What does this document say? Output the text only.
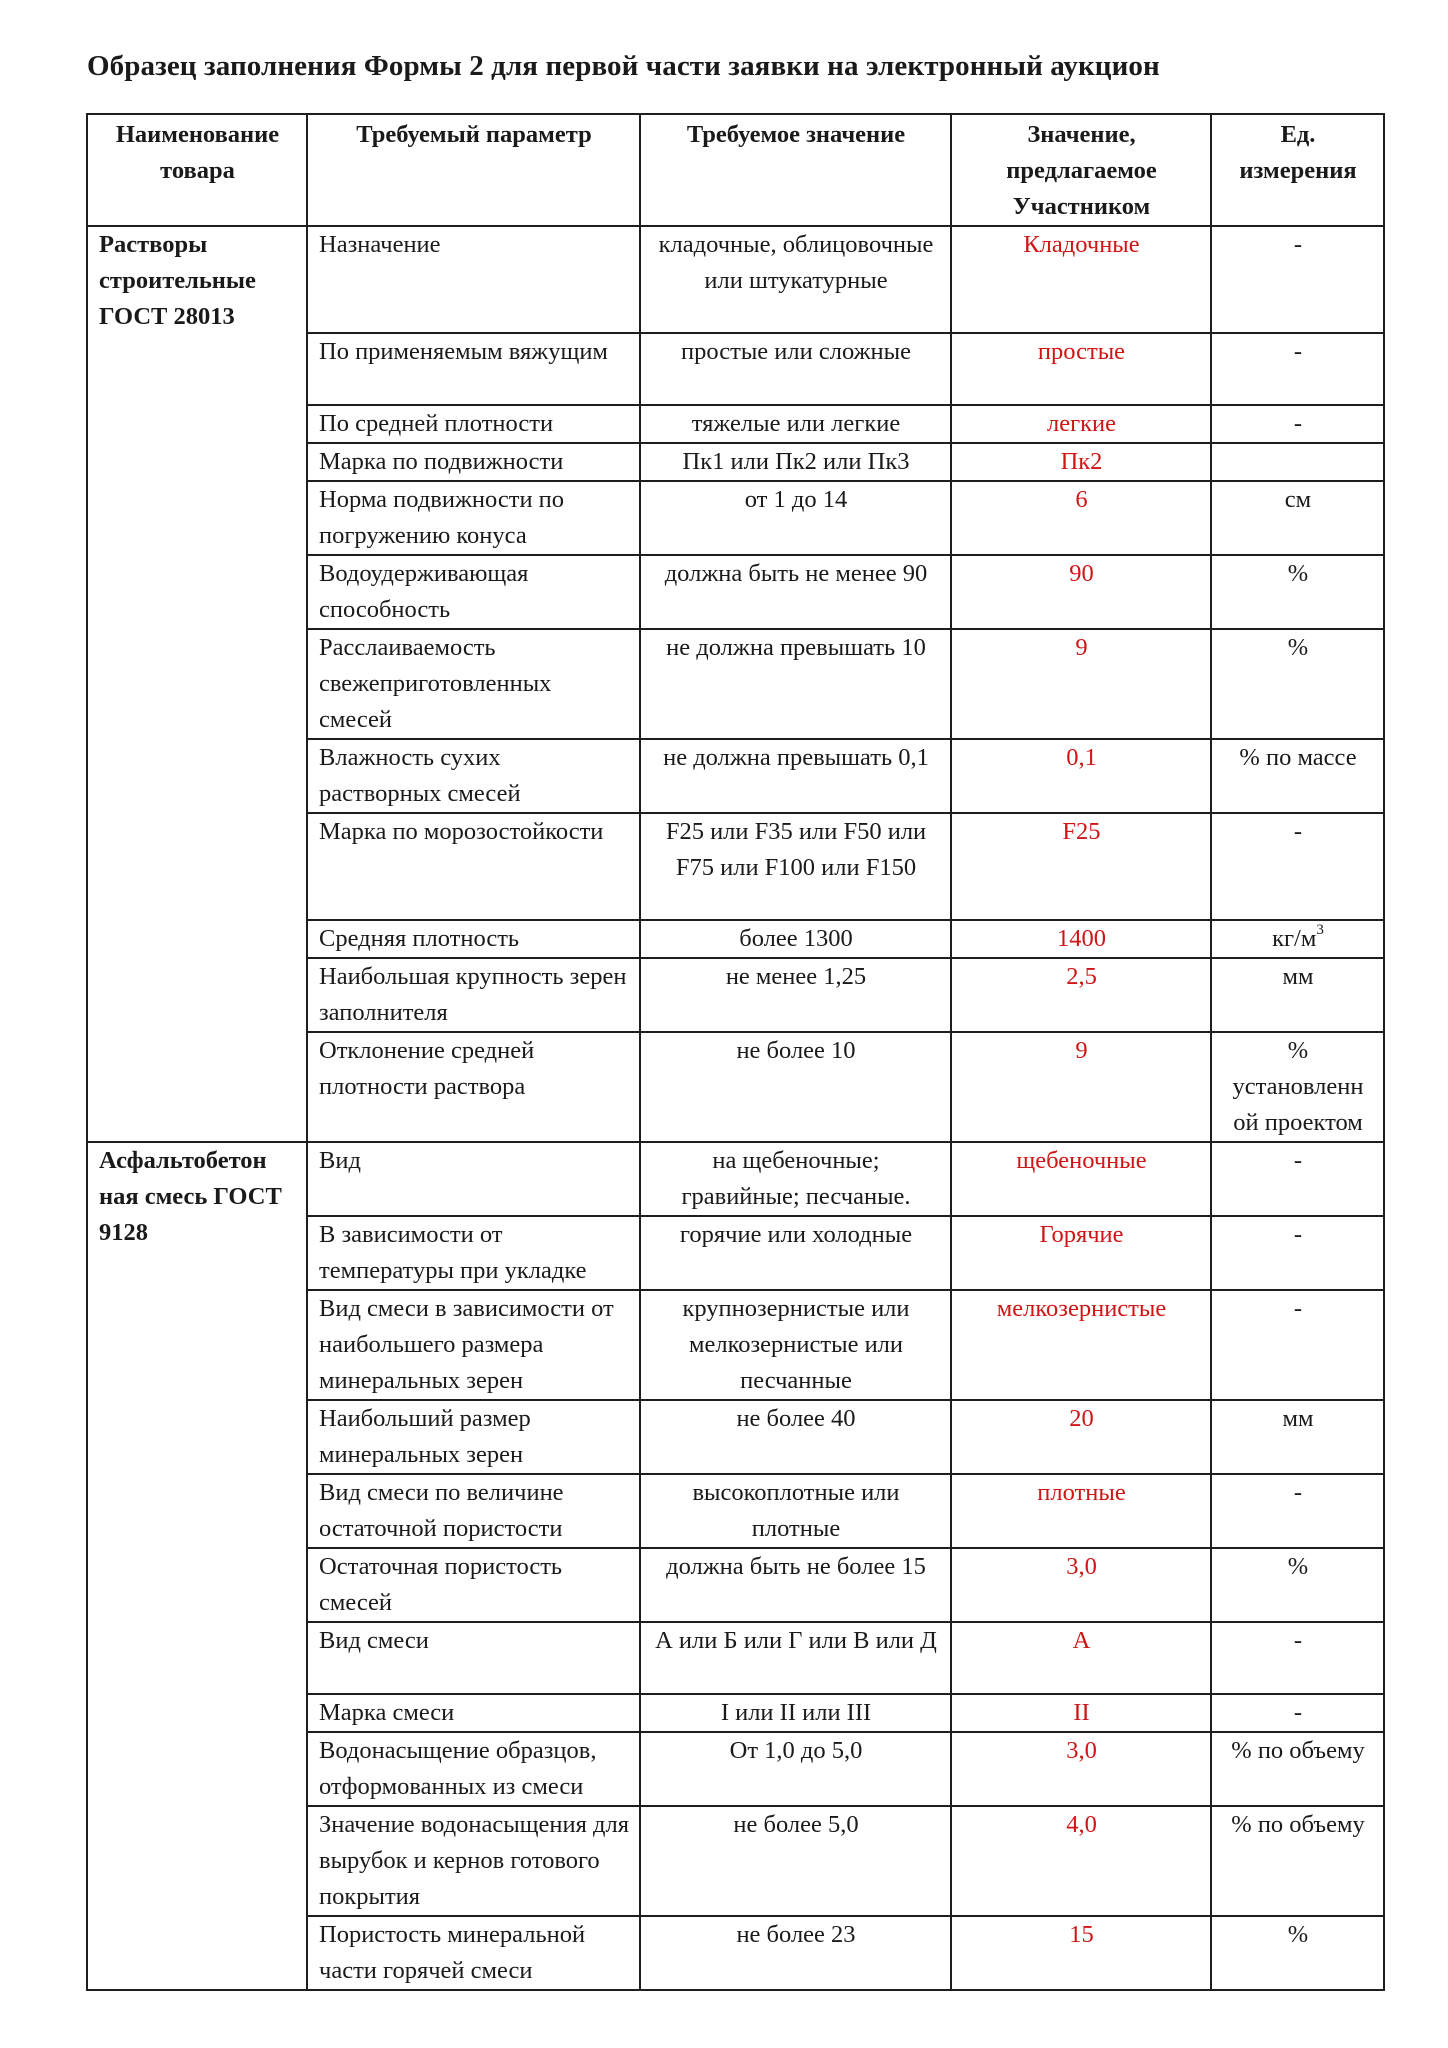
Образец заполнения Формы 2 для первой части заявки на электронный аукцион
Наименование товара	Требуемый параметр	Требуемое значение	Значение, предлагаемое Участником	Ед. измерения
Растворы строительные ГОСТ 28013	Назначение	кладочные, облицовочные или штукатурные	Кладочные	-
	По применяемым вяжущим	простые или сложные	простые	-
	По средней плотности	тяжелые или легкие	легкие	-
	Марка по подвижности	Пк1 или Пк2 или Пк3	Пк2	
	Норма подвижности по погружению конуса	от 1 до 14	6	см
	Водоудерживающая способность	должна быть не менее 90	90	%
	Расслаиваемость свежеприготовленных смесей	не должна превышать 10	9	%
	Влажность сухих растворных смесей	не должна превышать 0,1	0,1	% по массе
	Марка по морозостойкости	F25 или F35 или F50 или F75 или F100 или F150	F25	-
	Средняя плотность	более 1300	1400	$кг/м^3$
	Наибольшая крупность зерен заполнителя	не менее 1,25	2,5	мм
	Отклонение средней плотности раствора	не более 10	9	% установленн ой проектом
Асфальтобетон ная смесь ГОСТ 9128	Вид	на щебеночные; гравийные; песчаные.	щебеночные	-
	В зависимости от температуры при укладке	горячие или холодные	Горячие	-
	Вид смеси в зависимости от наибольшего размера минеральных зерен	крупнозернистые или мелкозернистые или песчанные	мелкозернистые	-
	Наибольший размер минеральных зерен	не более 40	20	мм
	Вид смеси по величине остаточной пористости	высокоплотные или плотные	плотные	-
	Остаточная пористость смесей	должна быть не более 15	3,0	%
	Вид смеси	А или Б или Г или В или Д	А	-
	Марка смеси	I или II или III	II	-
	Водонасыщение образцов, отформованных из смеси	От 1,0 до 5,0	3,0	% по объему
	Значение водонасыщения для вырубок и кернов готового покрытия	не более 5,0	4,0	% по объему
	Пористость минеральной части горячей смеси	не более 23	15	%
